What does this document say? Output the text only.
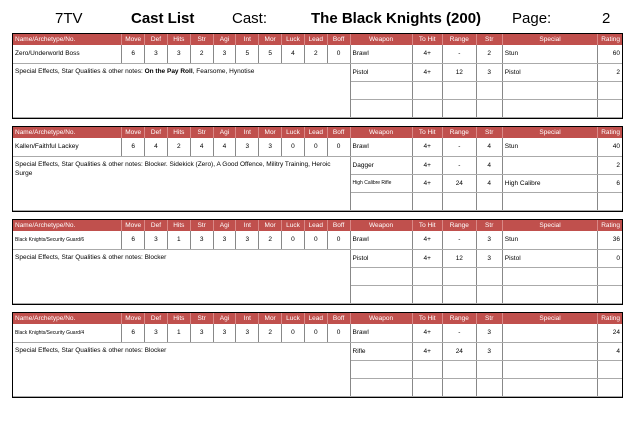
7TV	Cast List	Cast:	The Black Knights (200) Page:	2
Name/Archetype/No.	Move	Def	Hits	Str	Agi	Int	Mor	Luck	Lead	Boff	Weapon	To Hit	Range	Str	Special	Rating
Zero/Underworld Boss	6	3	3	2	3	5	5	4	2	0	Brawl	4+	-	2	Stun	60
Special Effects, Star Qualities & other notes: On the Pay Roll, Fearsome, Hynotise											Pistol	4+	12	3	Pistol	2

Name/Archetype/No.	Move	Def	Hits	Str	Agi	Int	Mor	Luck	Lead	Boff	Weapon	To Hit	Range	Str	Special	Rating
Kallen/Faithful Lackey	6	4	2	4	4	3	3	0	0	0	Brawl	4+	-	4	Stun	40
Special Effects, Star Qualities & other notes: Blocker. Sidekick (Zero), A Good Offence, Militry Training, Heroic Surge											Dagger	4+	-	4		2
											High Calibre Rifle	4+	24	4	High Calibre	6

Name/Archetype/No.	Move	Def	Hits	Str	Agi	Int	Mor	Luck	Lead	Boff	Weapon	To Hit	Range	Str	Special	Rating
Black Knights/Security Guard/6	6	3	1	3	3	3	2	0	0	0	Brawl	4+	-	3	Stun	36
Special Effects, Star Qualities & other notes: Blocker											Pistol	4+	12	3	Pistol	0

Name/Archetype/No.	Move	Def	Hits	Str	Agi	Int	Mor	Luck	Lead	Boff	Weapon	To Hit	Range	Str	Special	Rating
Black Knights/Security Guard/4	6	3	1	3	3	3	2	0	0	0	Brawl	4+	-	3		24
Special Effects, Star Qualities & other notes: Blocker											Rifle	4+	24	3		4
